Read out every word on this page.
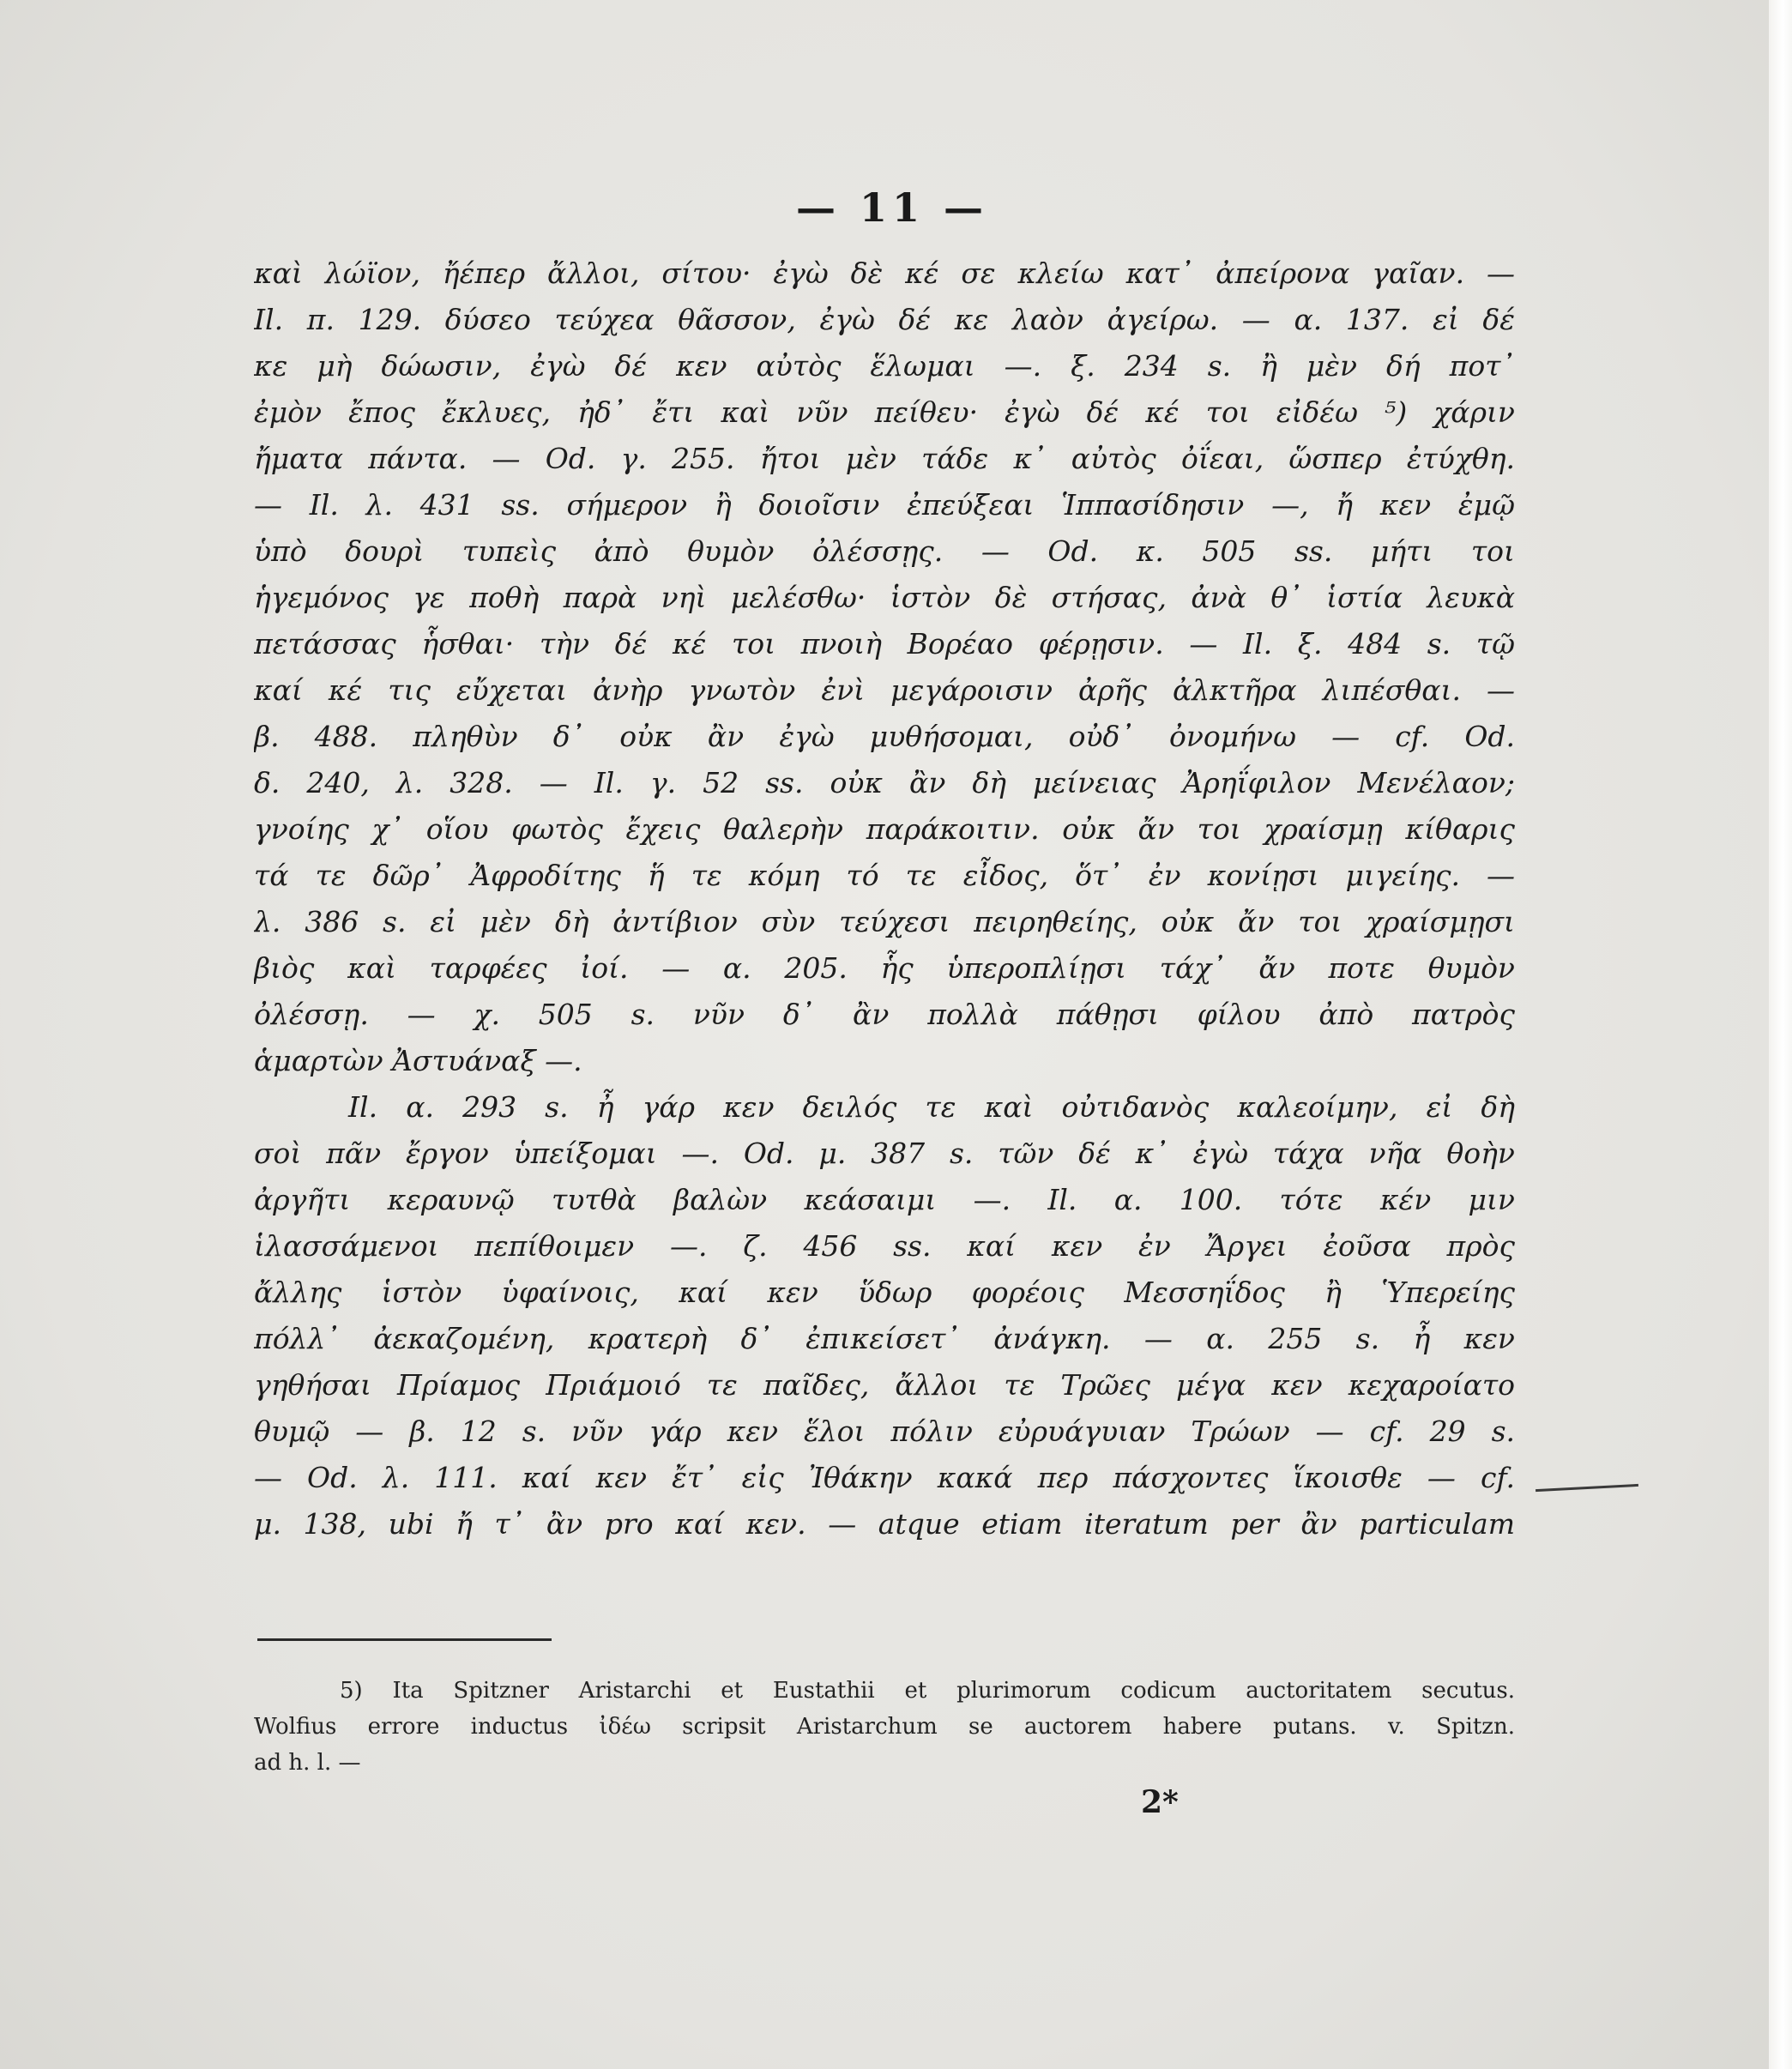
— 11 —
καὶ λώϊον, ἤέπερ ἄλλοι, σίτου· ἐγὼ δὲ κέ σε κλείω κατ᾽ ἀπείρονα γαῖαν. —
Il. π. 129. δύσεο τεύχεα θᾶσσον, ἐγὼ δέ κε λαὸν ἀγείρω. — α. 137. εἰ δέ
κε μὴ δώωσιν, ἐγὼ δέ κεν αὐτὸς ἕλωμαι —. ξ. 234 s. ἢ μὲν δή ποτ᾽
ἐμὸν ἔπος ἔκλυες, ἠδ᾽ ἔτι καὶ νῦν πείθευ· ἐγὼ δέ κέ τοι εἰδέω ⁵) χάριν
ἤματα πάντα. — Od. γ. 255. ἤτοι μὲν τάδε κ᾽ αὐτὸς ὀΐεαι, ὥσπερ ἐτύχθη.
— Il. λ. 431 ss. σήμερον ἢ δοιοῖσιν ἐπεύξεαι Ἱππασίδησιν —, ἤ κεν ἐμῷ
ὑπὸ δουρὶ τυπεὶς ἀπὸ θυμὸν ὀλέσσῃς. — Od. κ. 505 ss. μήτι τοι
ἡγεμόνος γε ποθὴ παρὰ νηὶ μελέσθω· ἱστὸν δὲ στήσας, ἀνὰ θ᾽ ἱστία λευκὰ
πετάσσας ἧσθαι· τὴν δέ κέ τοι πνοιὴ Βορέαο φέρῃσιν. — Il. ξ. 484 s. τῷ
καί κέ τις εὔχεται ἀνὴρ γνωτὸν ἐνὶ μεγάροισιν ἀρῆς ἀλκτῆρα λιπέσθαι. —
β. 488. πληθὺν δ᾽ οὐκ ἂν ἐγὼ μυθήσομαι, οὐδ᾽ ὀνομήνω — cf. Od.
δ. 240, λ. 328. — Il. γ. 52 ss. οὐκ ἂν δὴ μείνειας Ἀρηΐφιλον Μενέλαον;
γνοίης χ᾽ οἵου φωτὸς ἔχεις θαλερὴν παράκοιτιν. οὐκ ἄν τοι χραίσμῃ κίθαρις
τά τε δῶρ᾽ Ἀφροδίτης ἥ τε κόμη τό τε εἶδος, ὅτ᾽ ἐν κονίῃσι μιγείης. —
λ. 386 s. εἰ μὲν δὴ ἀντίβιον σὺν τεύχεσι πειρηθείης, οὐκ ἄν τοι χραίσμῃσι
βιὸς καὶ ταρφέες ἰοί. — α. 205. ἧς ὑπεροπλίῃσι τάχ᾽ ἄν ποτε θυμὸν
ὀλέσσῃ. — χ. 505 s. νῦν δ᾽ ἂν πολλὰ πάθῃσι φίλου ἀπὸ πατρὸς
ἁμαρτὼν Ἀστυάναξ —.
Il. α. 293 s. ἦ γάρ κεν δειλός τε καὶ οὐτιδανὸς καλεοίμην, εἰ δὴ
σοὶ πᾶν ἔργον ὑπείξομαι —. Od. μ. 387 s. τῶν δέ κ᾽ ἐγὼ τάχα νῆα θοὴν
ἀργῆτι κεραυνῷ τυτθὰ βαλὼν κεάσαιμι —. Il. α. 100. τότε κέν μιν
ἱλασσάμενοι πεπίθοιμεν —. ζ. 456 ss. καί κεν ἐν Ἄργει ἐοῦσα πρὸς
ἄλλης ἱστὸν ὑφαίνοις, καί κεν ὕδωρ φορέοις Μεσσηΐδος ἢ Ὑπερείης
πόλλ᾽ ἀεκαζομένη, κρατερὴ δ᾽ ἐπικείσετ᾽ ἀνάγκη. — α. 255 s. ἦ κεν
γηθήσαι Πρίαμος Πριάμοιό τε παῖδες, ἄλλοι τε Τρῶες μέγα κεν κεχαροίατο
θυμῷ — β. 12 s. νῦν γάρ κεν ἕλοι πόλιν εὐρυάγυιαν Τρώων — cf. 29 s.
— Od. λ. 111. καί κεν ἔτ᾽ εἰς Ἰθάκην κακά περ πάσχοντες ἵκοισθε — cf.
μ. 138, ubi ἤ τ᾽ ἂν pro καί κεν. — atque etiam iteratum per ἂν particulam
5) Ita Spitzner Aristarchi et Eustathii et plurimorum codicum auctoritatem secutus.
Wolfius errore inductus ἰδέω scripsit Aristarchum se auctorem habere putans. v. Spitzn.
ad h. l. —
2*
